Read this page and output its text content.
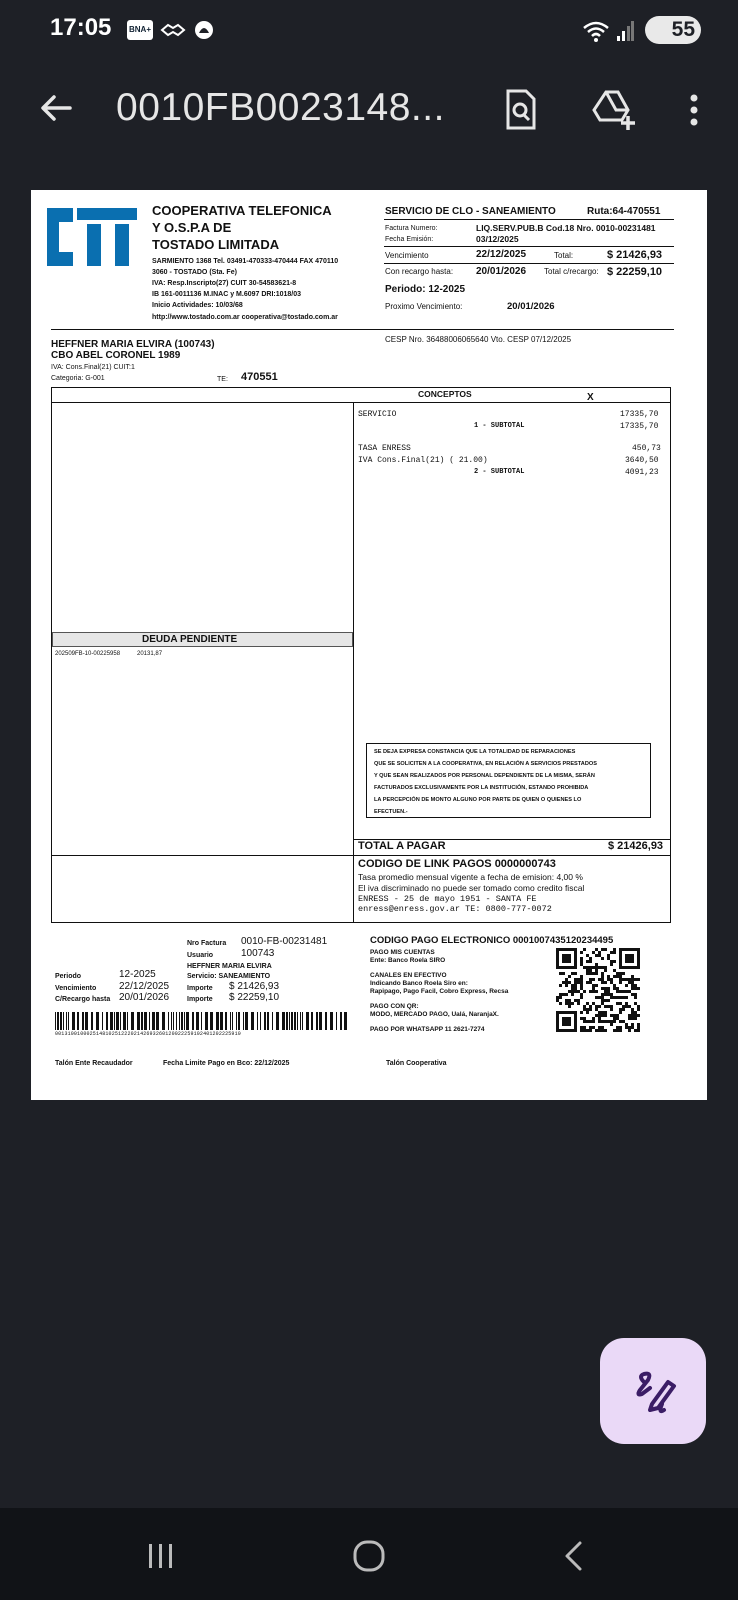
17:05 BNA+	55
0010FB0023148...
COOPERATIVA TELEFONICA
Y O.S.P.A DE
TOSTADO LIMITADA
SARMIENTO 1368 Tel. 03491-470333-470444 FAX 470110
3060 - TOSTADO (Sta. Fe)
IVA: Resp.Inscripto(27) CUIT 30-54583621-8
IB 161-0011136 M.INAC y M.6097 DRI:1018/03
Inicio Actividades: 10/03/68
http://www.tostado.com.ar cooperativa@tostado.com.ar
SERVICIO DE CLO - SANEAMIENTO	Ruta:64-470551
Factura Numero:	LIQ.SERV.PUB.B Cod.18 Nro. 0010-00231481
Fecha Emisión:	03/12/2025
Vencimiento	22/12/2025	Total:	$ 21426,93
Con recargo hasta: 20/01/2026 Total c/recargo: $ 22259,10
Periodo: 12-2025
Proximo Vencimiento:	20/01/2026
CESP Nro. 36488006065640 Vto. CESP 07/12/2025
HEFFNER MARIA ELVIRA (100743)
CBO ABEL CORONEL 1989
IVA: Cons.Final(21) CUIT:1
Categoria: G-001	TE: 470551
CONCEPTOS	X
SERVICIO	17335,70
1 - SUBTOTAL	17335,70
TASA ENRESS	450,73
IVA Cons.Final(21) ( 21.00)	3640,50
2 - SUBTOTAL	4091,23
DEUDA PENDIENTE
202509FB-10-00225958	20131,87
SE DEJA EXPRESA CONSTANCIA QUE LA TOTALIDAD DE REPARACIONES
QUE SE SOLICITEN A LA COOPERATIVA, EN RELACIÓN A SERVICIOS PRESTADOS
Y QUE SEAN REALIZADOS POR PERSONAL DEPENDIENTE DE LA MISMA, SERÁN
FACTURADOS EXCLUSIVAMENTE POR LA INSTITUCIÓN, ESTANDO PROHIBIDA
LA PERCEPCIÓN DE MONTO ALGUNO POR PARTE DE QUIEN O QUIENES LO
EFECTUEN.-
TOTAL A PAGAR	$ 21426,93
CODIGO DE LINK PAGOS 0000000743
Tasa promedio mensual vigente a fecha de emision: 4,00 %
El iva discriminado no puede ser tomado como credito fiscal
ENRESS - 25 de mayo 1951 - SANTA FE
enress@enress.gov.ar TE: 0800-777-0072
Nro Factura 0010-FB-00231481
Usuario	100743
HEFFNER MARIA ELVIRA
Periodo	12-2025	Servicio: SANEAMIENTO
Vencimiento 22/12/2025	Importe $ 21426,93
C/Recargo hasta 20/01/2026	Importe $ 22259,10
00131001000251481025122202142693260120022259102401202225910
CODIGO PAGO ELECTRONICO 0001007435120234495
PAGO MIS CUENTAS
Ente: Banco Roela SIRO
CANALES EN EFECTIVO
Indicando Banco Roela Siro en:
Rapipago, Pago Facil, Cobro Express, Recsa
PAGO CON QR:
MODO, MERCADO PAGO, Ualá, NaranjaX.
PAGO POR WHATSAPP 11 2621-7274
Talón Ente Recaudador	Fecha Limite Pago en Bco: 22/12/2025	Talón Cooperativa
